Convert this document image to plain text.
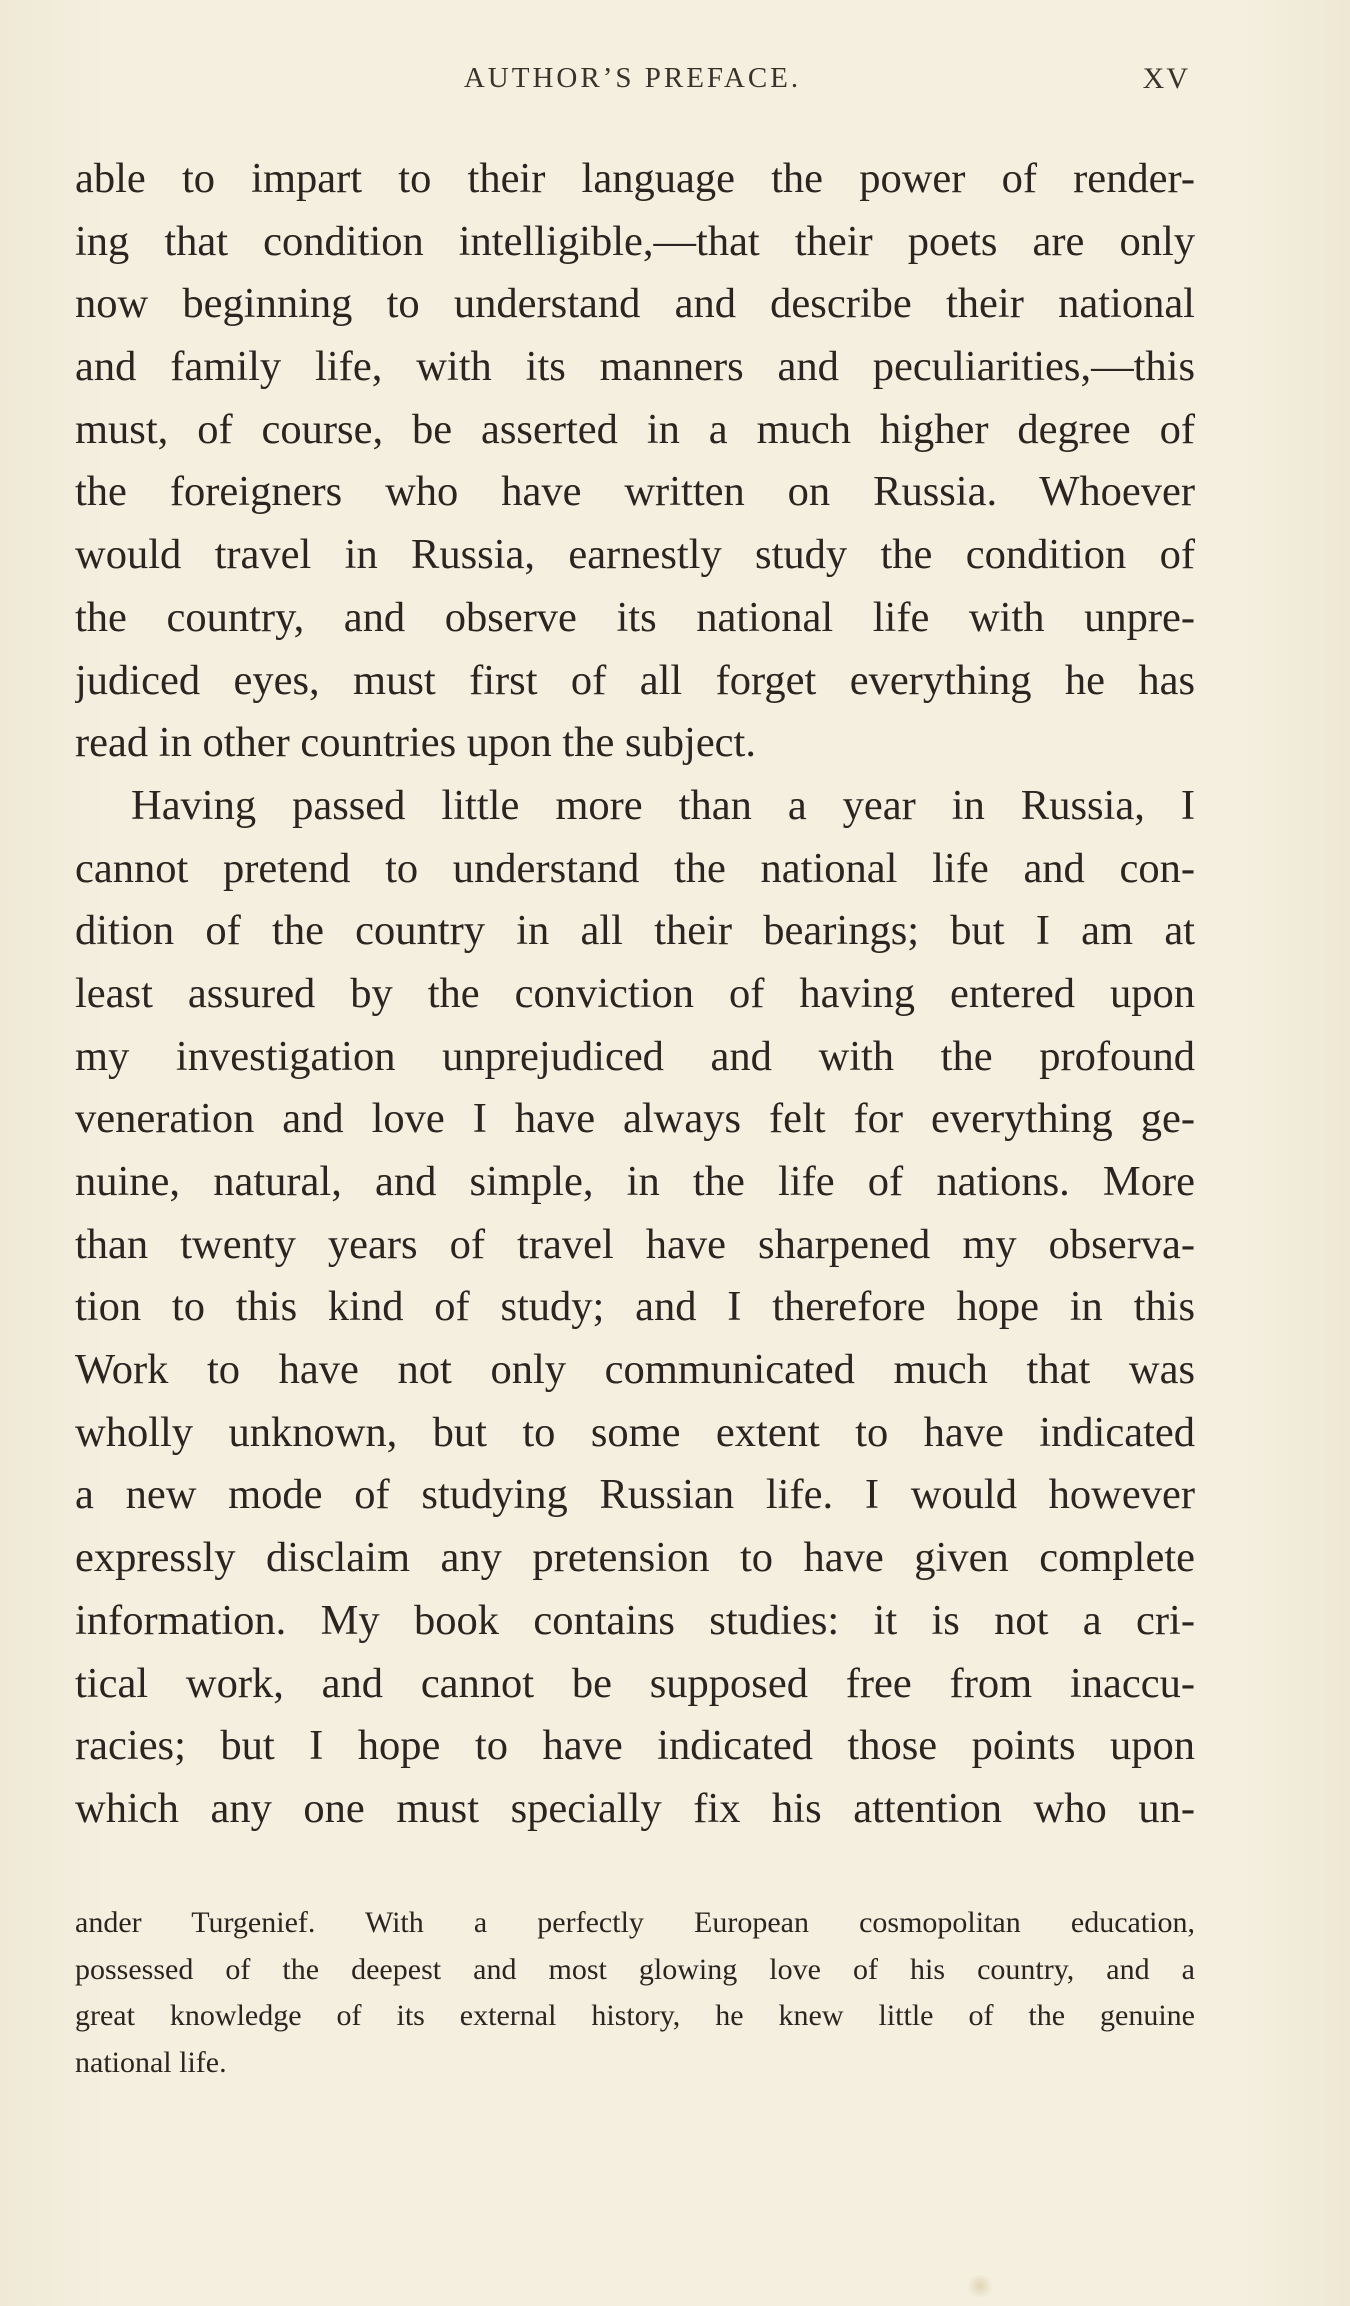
AUTHOR’S PREFACE.	XV
able to impart to their language the power of render-
ing that condition intelligible,—that their poets are only
now beginning to understand and describe their national
and family life, with its manners and peculiarities,—this
must, of course, be asserted in a much higher degree of
the foreigners who have written on Russia. Whoever
would travel in Russia, earnestly study the condition of
the country, and observe its national life with unpre-
judiced eyes, must first of all forget everything he has
read in other countries upon the subject.
Having passed little more than a year in Russia, I
cannot pretend to understand the national life and con-
dition of the country in all their bearings; but I am at
least assured by the conviction of having entered upon
my investigation unprejudiced and with the profound
veneration and love I have always felt for everything ge-
nuine, natural, and simple, in the life of nations. More
than twenty years of travel have sharpened my observa-
tion to this kind of study; and I therefore hope in this
Work to have not only communicated much that was
wholly unknown, but to some extent to have indicated
a new mode of studying Russian life. I would however
expressly disclaim any pretension to have given complete
information. My book contains studies: it is not a cri-
tical work, and cannot be supposed free from inaccu-
racies; but I hope to have indicated those points upon
which any one must specially fix his attention who un-
ander Turgenief. With a perfectly European cosmopolitan education,
possessed of the deepest and most glowing love of his country, and a
great knowledge of its external history, he knew little of the genuine
national life.
